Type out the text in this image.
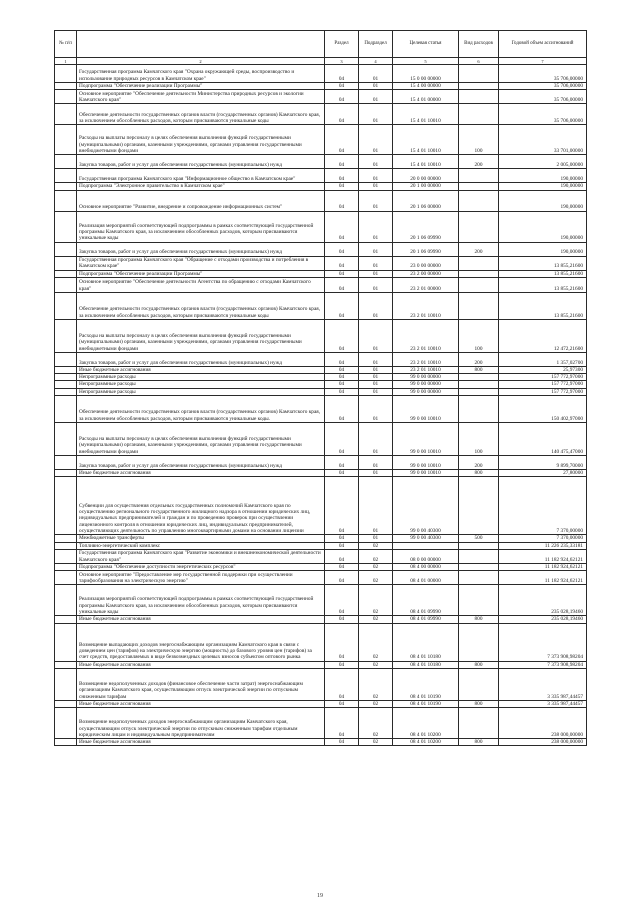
№ п/п		Раздел	Подраздел	Целевая статья	Вид расходов	Годовой объем ассигнований
1	2	3	4	5	6	7
	Государственная программа Камчатского края "Охрана окружающей среды, воспроизводство и использование природных ресурсов в Камчатском крае"	04	01	15 0 00 00000		35 706,00000
	Подпрограмма "Обеспечение реализации Программы"	04	01	15 4 00 00000		35 706,00000
	Основное мероприятие "Обеспечение деятельности Министерства природных ресурсов и экологии Камчатского края"	04	01	15 4 01 00000		35 706,00000
	Обеспечение деятельности государственных органов власти (государственных органов) Камчатского края, за исключением обособленных расходов, которым присваиваются уникальные коды	04	01	15 4 01 10010		35 706,00000
	Расходы на выплаты персоналу в целях обеспечения выполнения функций государственными (муниципальными) органами, казенными учреждениями, органами управления государственными внебюджетными фондами	04	01	15 4 01 10010	100	33 701,00000
	Закупка товаров, работ и услуг для обеспечения государственных (муниципальных) нужд	04	01	15 4 01 10010	200	2 005,00000
	Государственная программа Камчатского края "Информационное общество в Камчатском крае"	04	01	20 0 00 00000		190,00000
	Подпрограмма "Электронное правительство в Камчатском крае"	04	01	20 1 00 00000		190,00000
	Основное мероприятие "Развитие, внедрение и сопровождение информационных систем"	04	01	20 1 06 00000		190,00000
	Реализация мероприятий соответствующей подпрограммы в рамках соответствующей государственной программы Камчатского края, за исключением обособленных расходов, которым присваиваются уникальные коды	04	01	20 1 06 09990		190,00000
	Закупка товаров, работ и услуг для обеспечения государственных (муниципальных) нужд	04	01	20 1 06 09990	200	190,00000
	Государственная программа Камчатского края "Обращение с отходами производства и потребления в Камчатском крае"	04	01	23 0 00 00000		13 855,21600
	Подпрограмма "Обеспечение реализации Программы"	04	01	23 2 00 00000		13 855,21600
	Основное мероприятие "Обеспечение деятельности Агентства по обращению с отходами Камчатского края"	04	01	23 2 01 00000		13 855,21600
	Обеспечение деятельности государственных органов власти (государственных органов) Камчатского края, за исключением обособленных расходов, которым присваиваются уникальные коды	04	01	23 2 01 10010		13 855,21600
	Расходы на выплаты персоналу в целях обеспечения выполнения функций государственными (муниципальными) органами, казенными учреждениями, органами управления государственными внебюджетными фондами	04	01	23 2 01 10010	100	12 472,21600
	Закупка товаров, работ и услуг для обеспечения государственных (муниципальных) нужд	04	01	23 2 01 10010	200	1 357,02700
	Иные бюджетные ассигнования	04	01	23 2 01 10010	800	25,97300
	Непрограммные расходы	04	01	99 0 00 00000		157 772,97000
	Непрограммные расходы	04	01	99 0 00 00000		157 772,97000
	Непрограммные расходы	04	01	99 0 00 00000		157 772,97000
	Обеспечение деятельности государственных органов власти (государственных органов) Камчатского края, за исключением обособленных расходов, которым присваиваются уникальные коды.	04	01	99 0 00 10010		150 402,97000
	Расходы на выплаты персоналу в целях обеспечения выполнения функций государственными (муниципальными) органами, казенными учреждениями, органами управления государственными внебюджетными фондами	04	01	99 0 00 10010	100	140 475,47000
	Закупка товаров, работ и услуг для обеспечения государственных (муниципальных) нужд	04	01	99 0 00 10010	200	9 899,70000
	Иные бюджетные ассигнования	04	01	99 0 00 10010	800	27,80000
	Субвенции для осуществления отдельных государственных полномочий Камчатского края по осуществлению регионального государственного жилищного надзора в отношении юридических лиц, индивидуальных предпринимателей и граждан и по проведению проверок при осуществлении лицензионного контроля в отношении юридических лиц, индивидуальных предпринимателей, осуществляющих деятельность по управлению многоквартирными домами на основании лицензии	04	01	99 0 00 40300		7 370,00000
	Межбюджетные трансферты	04	01	99 0 00 40300	500	7 370,00000
	Топливно-энергетический комплекс	04	02			11 226 235,33181
	Государственная программа Камчатского края "Развитие экономики и внешнеэкономической деятельности Камчатского края"	04	02	08 0 00 00000		11 182 924,62121
	Подпрограмма "Обеспечение доступности энергетических ресурсов"	04	02	08 4 00 00000		11 182 924,62121
	Основное мероприятие "Предоставление мер государственной поддержки при осуществлении тарифообразования на электрическую энергию"	04	02	08 4 01 00000		11 182 924,62121
	Реализация мероприятий соответствующей подпрограммы в рамках соответствующей государственной программы Камчатского края, за исключением обособленных расходов, которым присваиваются уникальные коды	04	02	08 4 01 09990		235 028,19460
	Иные бюджетные ассигнования	04	02	08 4 01 09990	800	235 028,19460
	Возмещение выпадающих доходов энергоснабжающим организациям Камчатского края в связи с доведением цен (тарифов) на электрическую энергию (мощность) до базового уровня цен (тарифов) за счет средств, предоставляемых в виде безвозмездных целевых взносов субъектом оптового рынка	04	02	08 4 01 10180		7 373 908,98204
	Иные бюджетные ассигнования	04	02	08 4 01 10180	800	7 373 908,98204
	Возмещение недополученных доходов (финансовое обеспечение части затрат) энергоснабжающим организациям Камчатского края, осуществляющим отпуск электрической энергии по отпускным сниженным тарифам	04	02	08 4 01 10190		3 335 987,44457
	Иные бюджетные ассигнования	04	02	08 4 01 10190	800	3 335 987,44457
	Возмещение недополученных доходов энергоснабжающим организациям Камчатского края, осуществляющим отпуск электрической энергии по отпускным сниженным тарифам отдельным юридическим лицам и индивидуальным предпринимателям	04	02	08 4 01 10200		238 000,00000
	Иные бюджетные ассигнования	04	02	08 4 01 10200	800	238 000,00000
19
